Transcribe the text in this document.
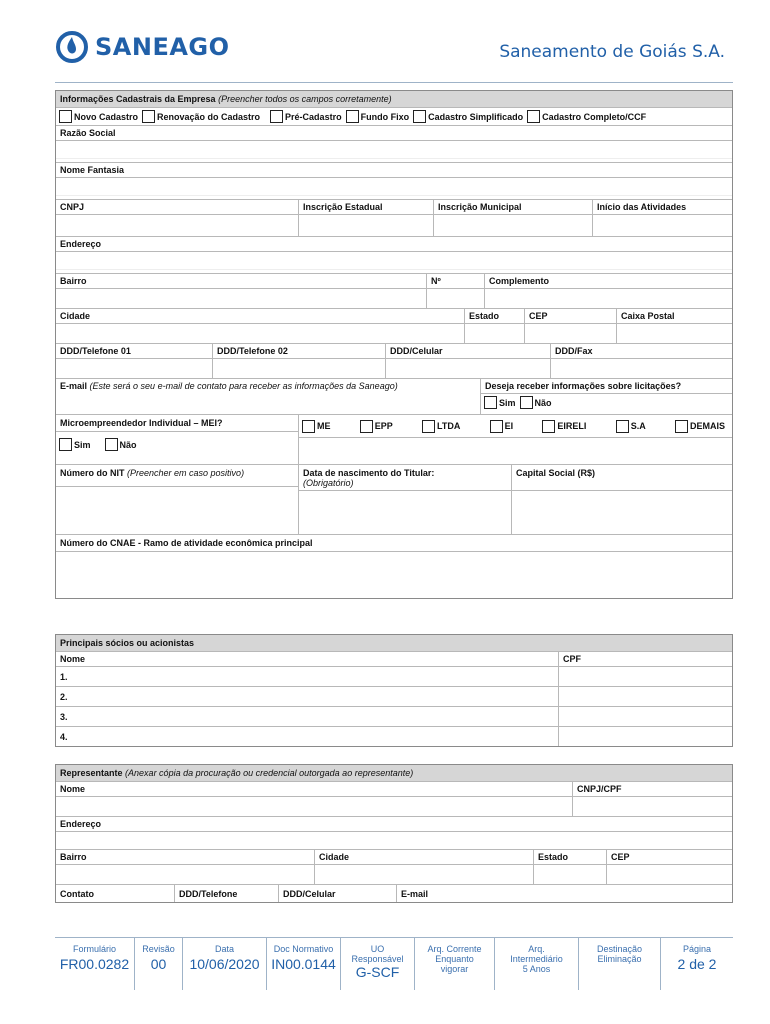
SANEAGO	Saneamento de Goiás S.A.
Informações Cadastrais da Empresa (Preencher todos os campos corretamente)
Novo Cadastro Renovação do Cadastro	Pré-Cadastro Fundo Fixo Cadastro Simplificado Cadastro Completo/CCF
Razão Social
Nome Fantasia
CNPJ	Inscrição Estadual	Inscrição Municipal	Início das Atividades
Endereço
Bairro	Nº	Complemento
Cidade	Estado	CEP	Caixa Postal
DDD/Telefone 01	DDD/Telefone 02	DDD/Celular	DDD/Fax
E-mail (Este será o seu e-mail de contato para receber as informações da Saneago)	Deseja receber informações sobre licitações?
Sim Não
Microempreendedor Individual – MEI?
Sim	Não
ME	EPP	LTDA	EI	EIRELI	S.A	DEMAIS
Número do NIT (Preencher em caso positivo)	Data de nascimento do Titular:
(Obrigatório)
Capital Social (R$)
Número do CNAE - Ramo de atividade econômica principal
Principais sócios ou acionistas
Nome	CPF
1.
2.
3.
4.
Representante (Anexar cópia da procuração ou credencial outorgada ao representante)
Nome	CNPJ/CPF
Endereço
Bairro	Cidade	Estado	CEP
Contato	DDD/Telefone	DDD/Celular	E-mail
Formulário
FR00.0282
Revisão
00
Data
10/06/2020
Doc Normativo
IN00.0144
UO Responsável
G-SCF
Arq. Corrente Enquanto vigorar
Arq. Intermediário 5 Anos
Destinação Eliminação
Página
2 de 2
